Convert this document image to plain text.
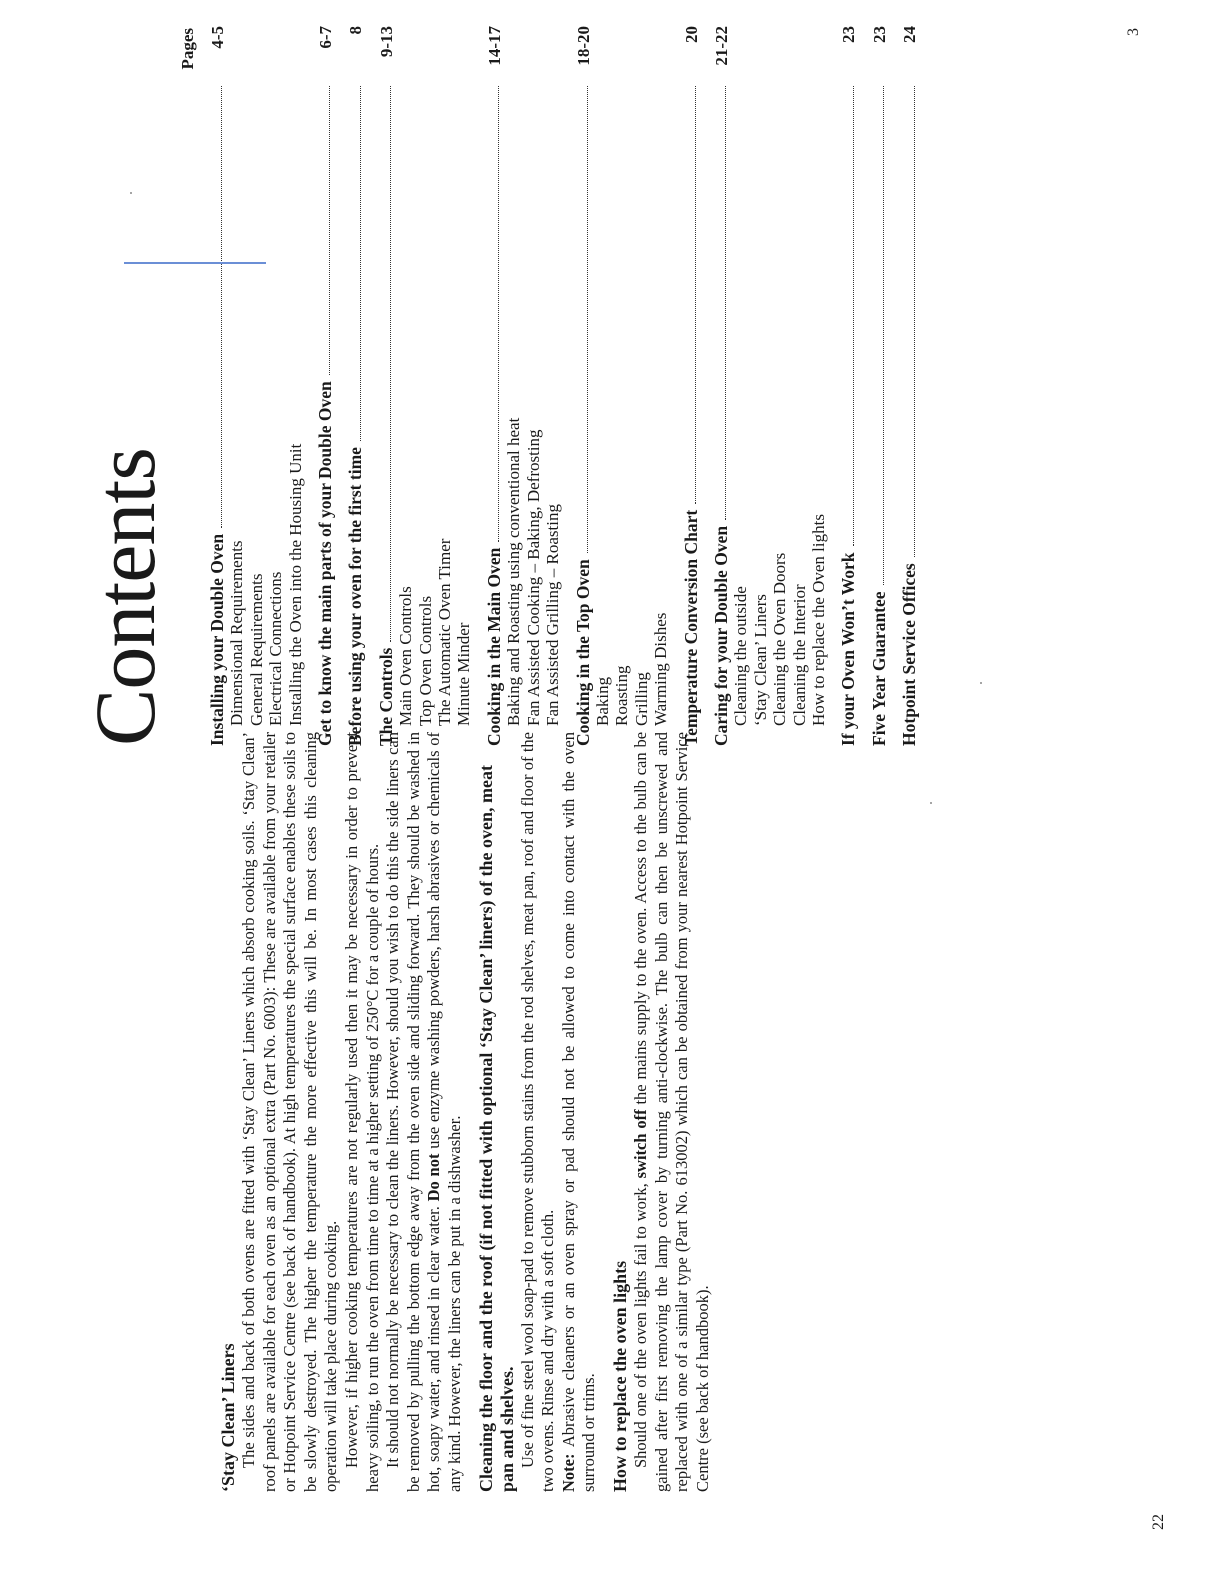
‘Stay Clean’ Liners The sides and back of both ovens are fitted with ‘Stay Clean’ Liners which absorb cooking soils. ‘Stay Clean’ roof panels are available for each oven as an optional extra (Part No. 6003): These are available from your retailer or Hotpoint Service Centre (see back of handbook). At high temperatures the special surface enables these soils to be slowly destroyed. The higher the temperature the more effective this will be. In most cases this cleaning operation will take place during cooking. However, if higher cooking temperatures are not regularly used then it may be necessary in order to prevent heavy soiling, to run the oven from time to time at a higher setting of 250°C for a couple of hours. It should not normally be necessary to clean the liners. However, should you wish to do this the side liners can be removed by pulling the bottom edge away from the oven side and sliding forward. They should be washed in hot, soapy water, and rinsed in clear water. Do not use enzyme washing powders, harsh abrasives or chemicals of any kind. However, the liners can be put in a dishwasher. Cleaning the floor and the roof (if not fitted with optional ‘Stay Clean’ liners) of the oven, meat pan and shelves. Use of fine steel wool soap-pad to remove stubborn stains from the rod shelves, meat pan, roof and floor of the two ovens. Rinse and dry with a soft cloth. Note: Abrasive cleaners or an oven spray or pad should not be allowed to come into contact with the oven surround or trims. How to replace the oven lights Should one of the oven lights fail to work, switch off the mains supply to the oven. Access to the bulb can be gained after first removing the lamp cover by turning anti-clockwise. The bulb can then be unscrewed and replaced with one of a similar type (Part No. 613002) which can be obtained from your nearest Hotpoint Service Centre (see back of handbook).

22
Contents
Pages
Installing your Double Oven
4-5
Dimensional Requirements General Requirements Electrical Connections Installing the Oven into the Housing Unit Get to know the main parts of your Double Oven
6-7
Before using your oven for the first time
8
The Controls
9-13
Main Oven Controls Top Oven Controls The Automatic Oven Timer Minute Minder Cooking in the Main Oven
14-17
Baking and Roasting using conventional heat Fan Assisted Cooking – Baking, Defrosting Fan Assisted Grilling – Roasting Cooking in the Top Oven
18-20
Baking Roasting Grilling Warming Dishes Temperature Conversion Chart
20
Caring for your Double Oven
21-22
Cleaning the outside ‘Stay Clean’ Liners Cleaning the Oven Doors Cleaning the Interior How to replace the Oven lights If your Oven Won’t Work
23
Five Year Guarantee
23
Hotpoint Service Offices
24	3
